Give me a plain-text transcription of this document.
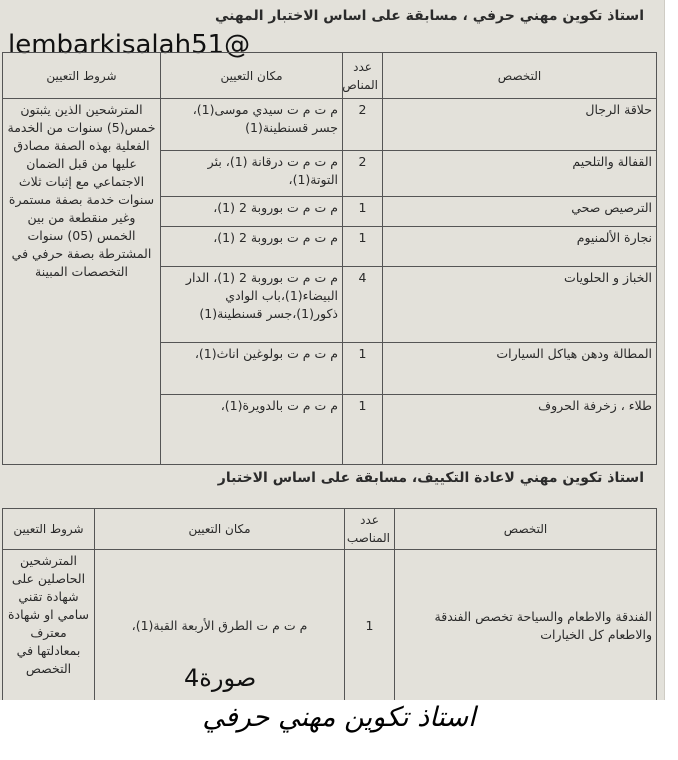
استاذ تكوين مهني حرفي ، مسابقة على اساس الاختبار المهني
lembarkisalah51@
التخصص	عدد المناص	مكان التعيين	شروط التعيين
حلاقة الرجال	2	م ت م ت سيدي موسى(1)، جسر قسنطينة(1)	المترشحين الذين يثبتون خمس(5) سنوات من الخدمة الفعلية بهذه الصفة مصادق عليها من قبل الضمان الاجتماعي مع إثبات ثلاث سنوات خدمة بصفة مستمرة وغير منقطعة من بين الخمس (05) سنوات المشترطة بصفة حرفي في التخصصات المبينة
القفالة والتلحيم	2	م ت م ت درقانة (1)، بئر التوتة(1)،	
الترصيص صحي	1	م ت م ت بوروبة 2 (1)،	
نجارة الألمنيوم	1	م ت م ت بوروبة 2 (1)،	
الخباز و الحلويات	4	م ت م ت بوروبة 2 (1)، الدار البيضاء(1)،باب الوادي ذكور(1)،جسر قسنطينة(1)	
المطالة ودهن هياكل السيارات	1	م ت م ت بولوغين اناث(1)،	
طلاء ، زخرفة الحروف	1	م ت م ت بالدويرة(1)،	
استاذ تكوين مهني لاعادة التكييف، مسابقة على اساس الاختبار
التخصص	عدد المناصب	مكان التعيين	شروط التعيين
الفندقة والاطعام والسياحة تخصص الفندقة والاطعام كل الخيارات	1	م ت م ت الطرق الأربعة القبة(1)،	المترشحين الحاصلين على شهادة تقني سامي او شهادة معترف بمعادلتها في التخصص	صورة4
استاذ تكوين مهني حرفي
